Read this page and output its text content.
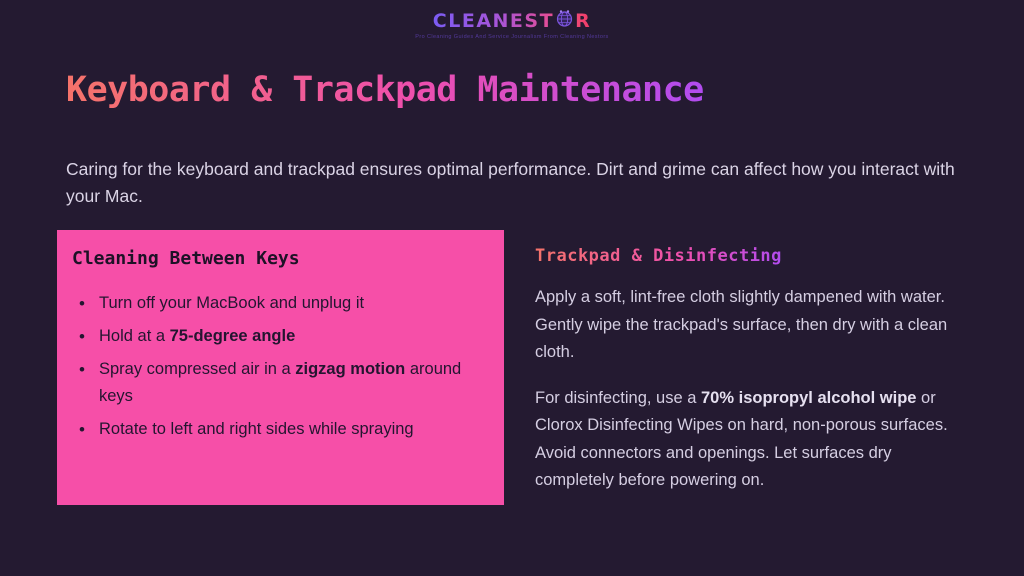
CLEANEST R
Pro Cleaning Guides And Service Journalism From Cleaning Nestors
Keyboard & Trackpad Maintenance

Caring for the keyboard and trackpad ensures optimal performance. Dirt and grime can affect how you interact with your Mac.

Cleaning Between Keys
• Turn off your MacBook and unplug it
• Hold at a 75-degree angle
• Spray compressed air in a zigzag motion around keys
• Rotate to left and right sides while spraying
Trackpad & Disinfecting

Apply a soft, lint-free cloth slightly dampened with water. Gently wipe the trackpad's surface, then dry with a clean cloth.

For disinfecting, use a 70% isopropyl alcohol wipe or Clorox Disinfecting Wipes on hard, non-porous surfaces. Avoid connectors and openings. Let surfaces dry completely before powering on.
